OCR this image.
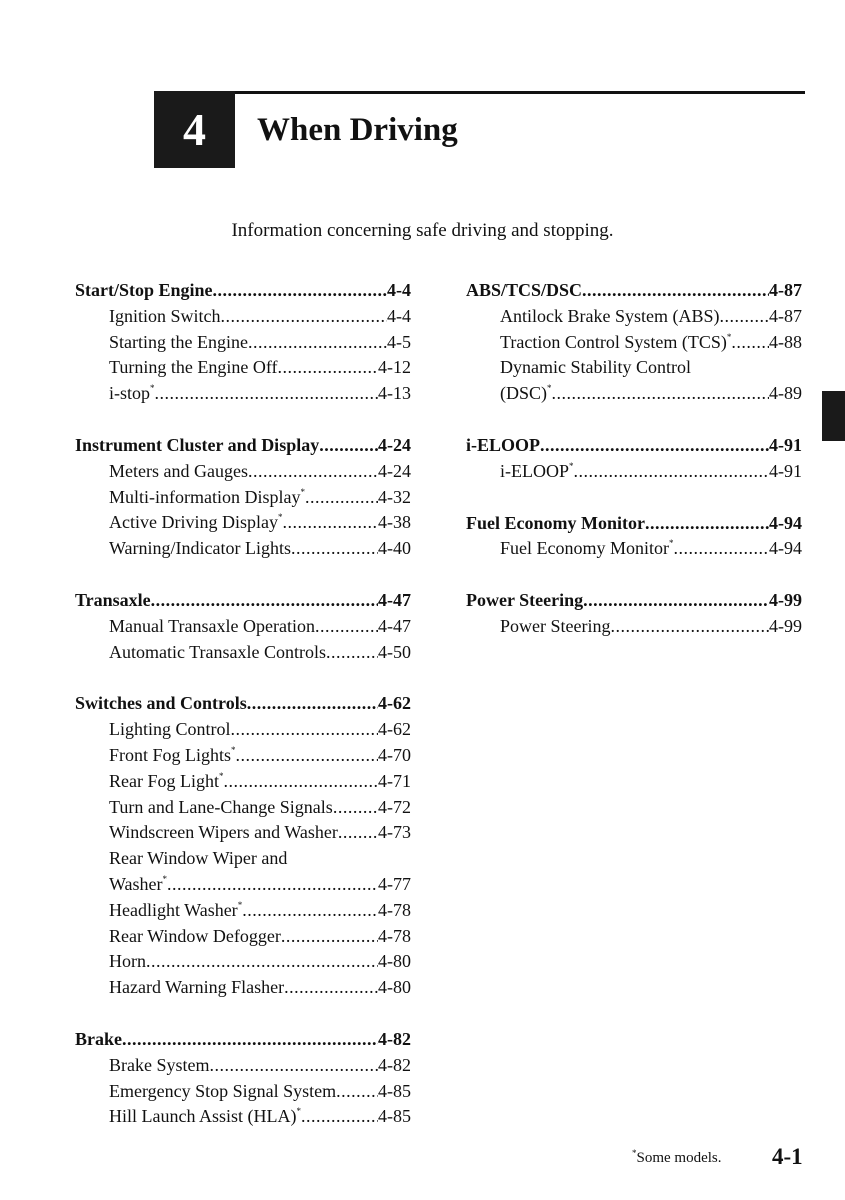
4	When Driving
Information concerning safe driving and stopping.
Start/Stop Engine .....	4-4
Ignition Switch .....	4-4
Starting the Engine .....	4-5
Turning the Engine Off .....	4-12
i-stop* .....	4-13
Instrument Cluster and Display .....	4-24
Meters and Gauges .....	4-24
Multi-information Display* .....	4-32
Active Driving Display* .....	4-38
Warning/Indicator Lights .....	4-40
Transaxle .....	4-47
Manual Transaxle Operation .....	4-47
Automatic Transaxle Controls .....	4-50
Switches and Controls .....	4-62
Lighting Control .....	4-62
Front Fog Lights* .....	4-70
Rear Fog Light* .....	4-71
Turn and Lane-Change Signals .....	4-72
Windscreen Wipers and Washer ..... 4-73
Rear Window Wiper and
Washer* .....	4-77
Headlight Washer* .....	4-78
Rear Window Defogger .....	4-78
Horn .....	4-80
Hazard Warning Flasher .....	4-80
Brake .....	4-82
Brake System .....	4-82
Emergency Stop Signal System ..... 4-85
Hill Launch Assist (HLA)* .....	4-85
ABS/TCS/DSC .....	4-87
Antilock Brake System (ABS) .....	4-87
Traction Control System (TCS)* ..... 4-88
Dynamic Stability Control
(DSC)* .....	4-89
i-ELOOP .....	4-91
i-ELOOP* .....	4-91
Fuel Economy Monitor .....	4-94
Fuel Economy Monitor* .....	4-94
Power Steering .....	4-99
Power Steering .....	4-99
*Some models. 4-1
